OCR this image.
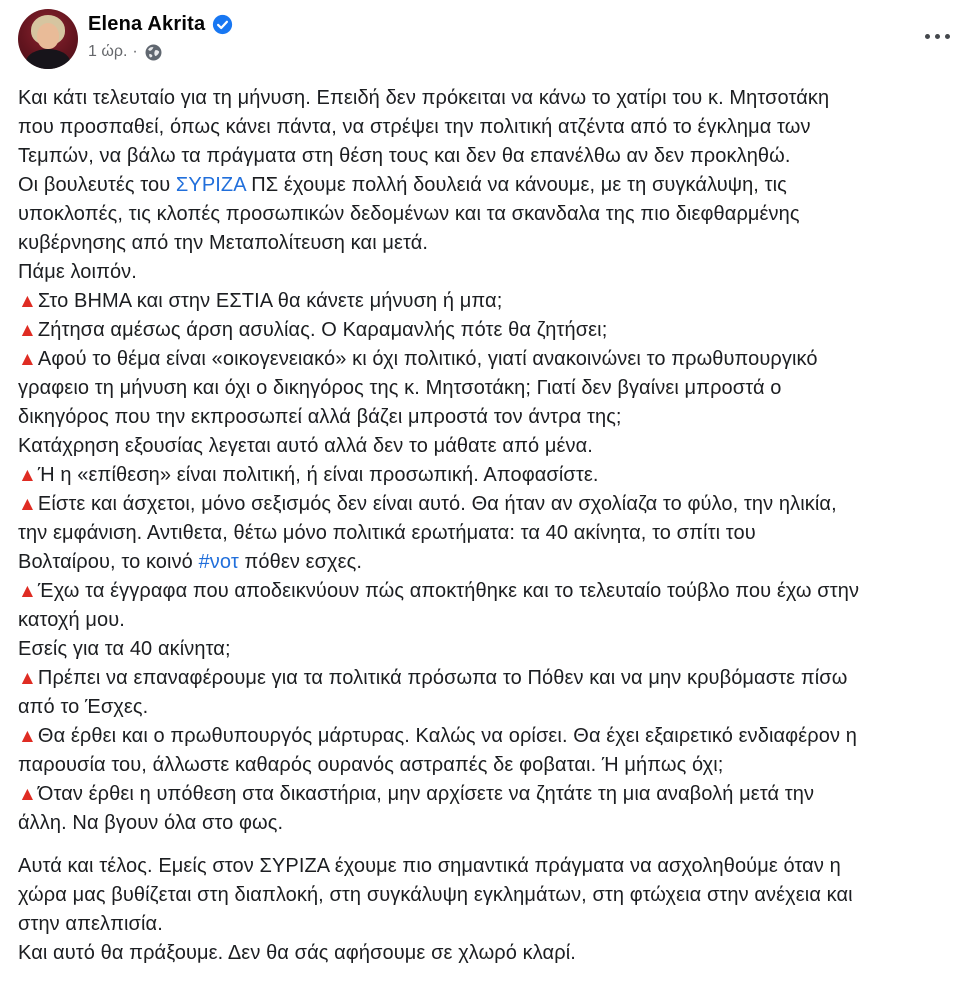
Elena Akrita
1 ώρ. ·
Και κάτι τελευταίο για τη μήνυση. Επειδή δεν πρόκειται να κάνω το χατίρι του κ. Μητσοτάκη
που προσπαθεί, όπως κάνει πάντα, να στρέψει την πολιτική ατζέντα από το έγκλημα των
Τεμπών, να βάλω τα πράγματα στη θέση τους και δεν θα επανέλθω αν δεν προκληθώ.
Οι βουλευτές του ΣΥΡΙΖΑ ΠΣ έχουμε πολλή δουλειά να κάνουμε, με τη συγκάλυψη, τις
υποκλοπές, τις κλοπές προσωπικών δεδομένων και τα σκανδαλα της πιο διεφθαρμένης
κυβέρνησης από την Μεταπολίτευση και μετά.
Πάμε λοιπόν.
▲Στο ΒΗΜΑ και στην ΕΣΤΙΑ θα κάνετε μήνυση ή μπα;
▲Ζήτησα αμέσως άρση ασυλίας. Ο Καραμανλής πότε θα ζητήσει;
▲Αφού το θέμα είναι «οικογενειακό» κι όχι πολιτικό, γιατί ανακοινώνει το πρωθυπουργικό
γραφειο τη μήνυση και όχι ο δικηγόρος της κ. Μητσοτάκη; Γιατί δεν βγαίνει μπροστά ο
δικηγόρος που την εκπροσωπεί αλλά βάζει μπροστά τον άντρα της;
Κατάχρηση εξουσίας λεγεται αυτό αλλά δεν το μάθατε από μένα.
▲Ή η «επίθεση» είναι πολιτική, ή είναι προσωπική. Αποφασίστε.
▲Είστε και άσχετοι, μόνο σεξισμός δεν είναι αυτό. Θα ήταν αν σχολίαζα το φύλο, την ηλικία,
την εμφάνιση. Αντιθετα, θέτω μόνο πολιτικά ερωτήματα: τα 40 ακίνητα, το σπίτι του
Βολταίρου, το κοινό #νοτ πόθεν εσχες.
▲Έχω τα έγγραφα που αποδεικνύουν πώς αποκτήθηκε και το τελευταίο τούβλο που έχω στην
κατοχή μου.
Εσείς για τα 40 ακίνητα;
▲Πρέπει να επαναφέρουμε για τα πολιτικά πρόσωπα το Πόθεν και να μην κρυβόμαστε πίσω
από το Έσχες.
▲Θα έρθει και ο πρωθυπουργός μάρτυρας. Καλώς να ορίσει. Θα έχει εξαιρετικό ενδιαφέρον η
παρουσία του, άλλωστε καθαρός ουρανός αστραπές δε φοβαται. Ή μήπως όχι;
▲Όταν έρθει η υπόθεση στα δικαστήρια, μην αρχίσετε να ζητάτε τη μια αναβολή μετά την
άλλη. Να βγουν όλα στο φως.
Αυτά και τέλος. Εμείς στον ΣΥΡΙΖΑ έχουμε πιο σημαντικά πράγματα να ασχοληθούμε όταν η
χώρα μας βυθίζεται στη διαπλοκή, στη συγκάλυψη εγκλημάτων, στη φτώχεια στην ανέχεια και
στην απελπισία.
Και αυτό θα πράξουμε. Δεν θα σάς αφήσουμε σε χλωρό κλαρί.
